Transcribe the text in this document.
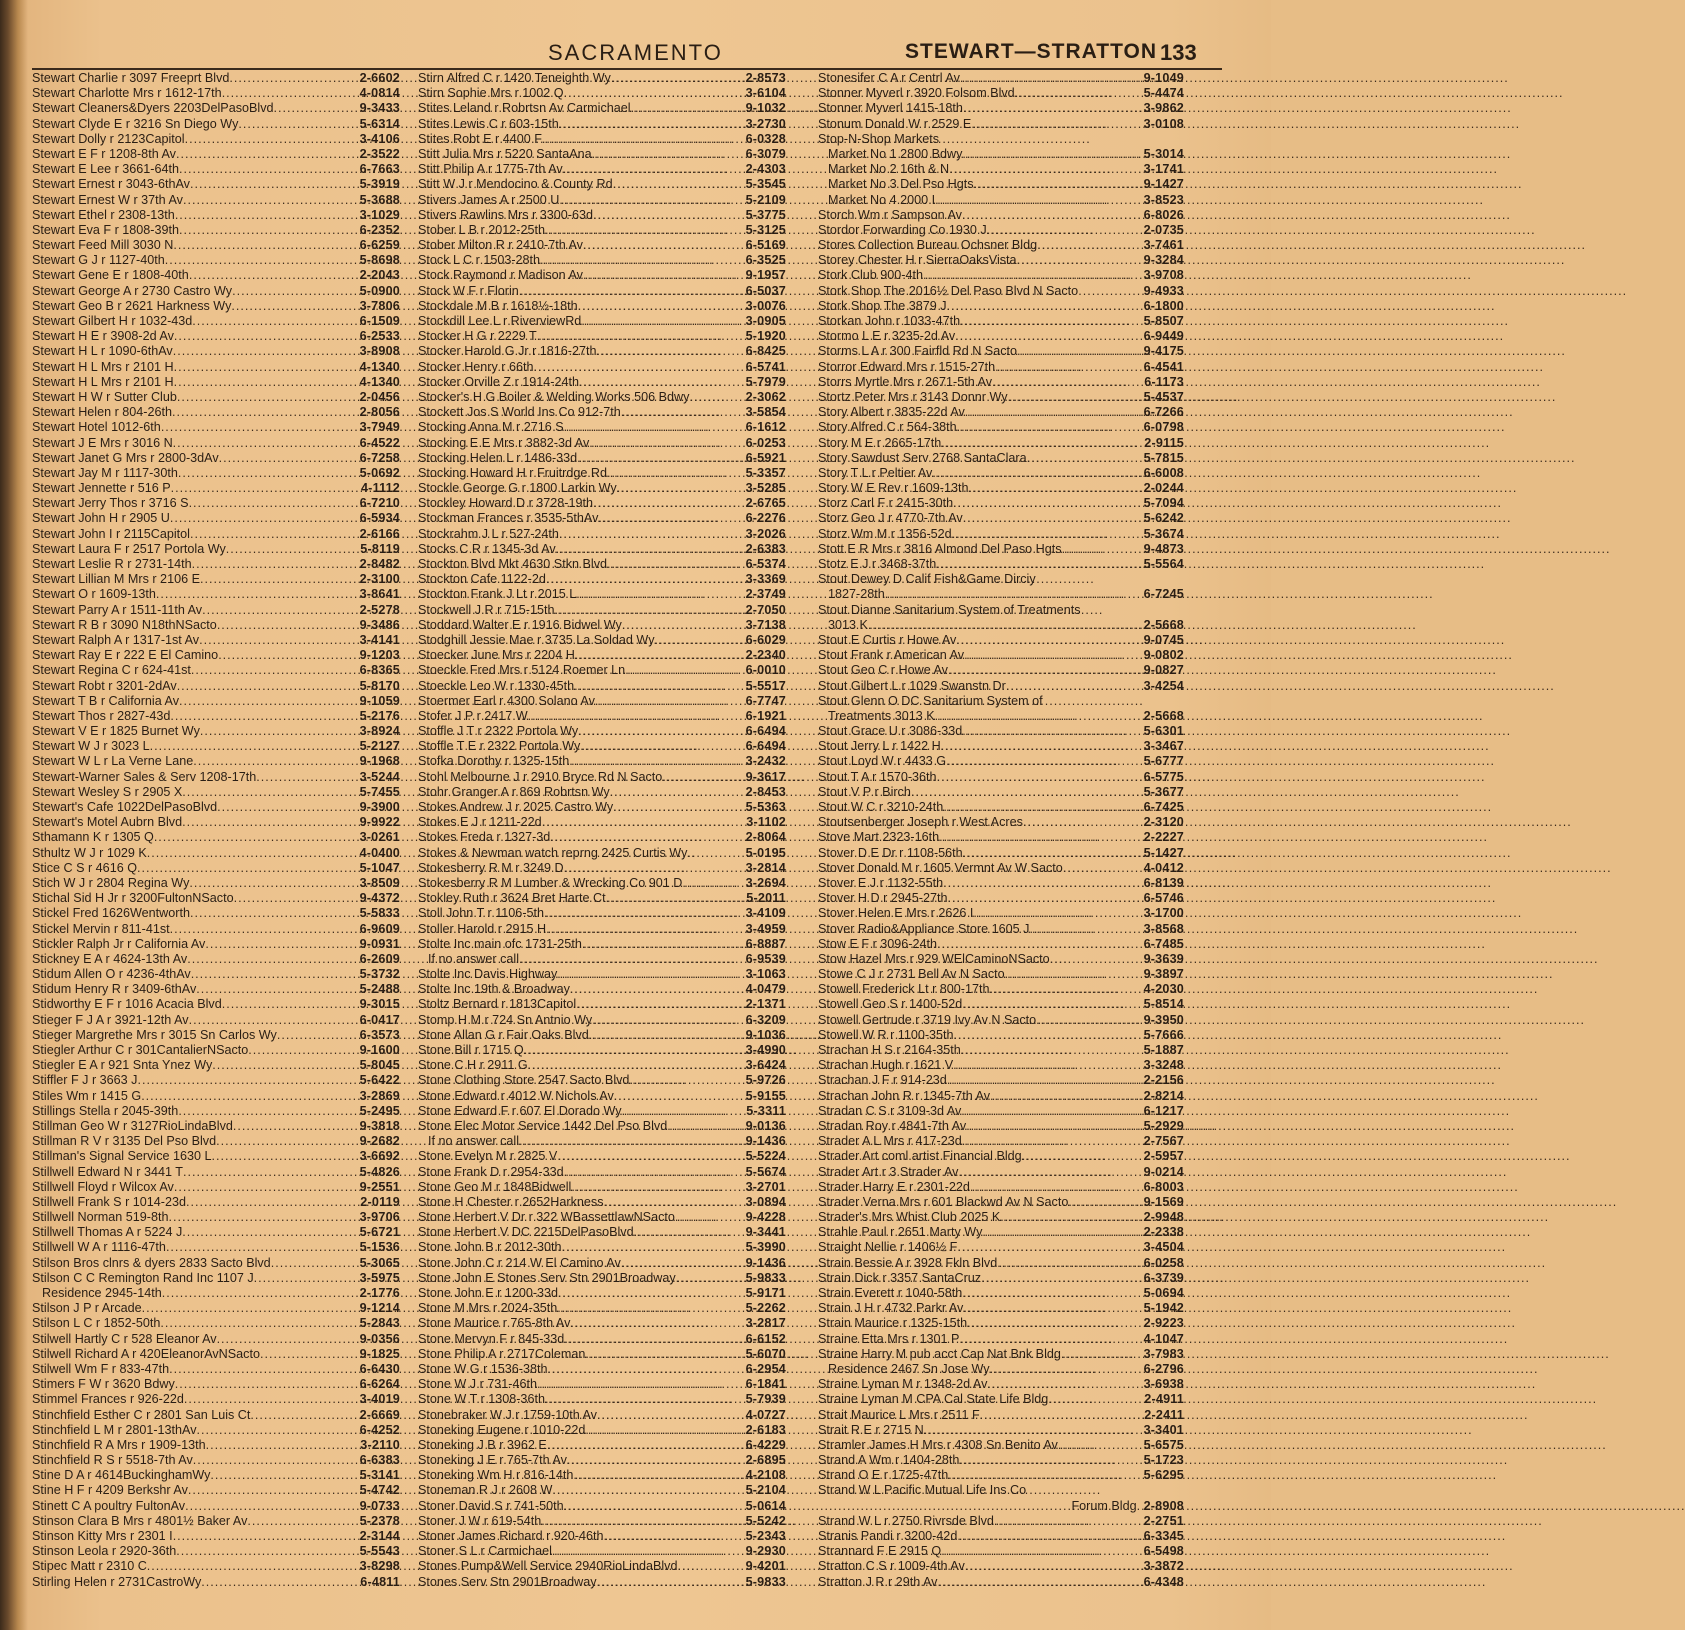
SACRAMENTO	STEWART—STRATTON 133
Stewart Charlie r 3097 Freeprt Blvd .....	2-6602
Stewart Charlotte Mrs r 1612-17th .....	4-0814
Stewart Cleaners&Dyers 2203DelPasoBlvd .....	9-3433
Stewart Clyde E r 3216 Sn Diego Wy .....	5-6314
Stewart Dolly r 2123Capitol .....	3-4106
Stewart E F r 1208-8th Av .....	2-3522
Stewart E Lee r 3661-64th .....	6-7663
Stewart Ernest r 3043-6thAv .....	5-3919
Stewart Ernest W r 37th Av .....	5-3688
Stewart Ethel r 2308-13th .....	3-1029
Stewart Eva F r 1808-39th .....	6-2352
Stewart Feed Mill 3030 N .....	6-6259
Stewart G J r 1127-40th .....	5-8698
Stewart Gene E r 1808-40th .....	2-2043
Stewart George A r 2730 Castro Wy .....	5-0900
Stewart Geo B r 2621 Harkness Wy .....	3-7806
Stewart Gilbert H r 1032-43d .....	6-1509
Stewart H E r 3908-2d Av .....	6-2533
Stewart H L r 1090-6thAv .....	3-8908
Stewart H L Mrs r 2101 H .....	4-1340
Stewart H L Mrs r 2101 H .....	4-1340
Stewart H W r Sutter Club .....	2-0456
Stewart Helen r 804-26th .....	2-8056
Stewart Hotel 1012-6th .....	3-7949
Stewart J E Mrs r 3016 N .....	6-4522
Stewart Janet G Mrs r 2800-3dAv .....	6-7258
Stewart Jay M r 1117-30th .....	5-0692
Stewart Jennette r 516 P .....	4-1112
Stewart Jerry Thos r 3716 S .....	6-7210
Stewart John H r 2905 U .....	6-5934
Stewart John I r 2115Capitol .....	2-6166
Stewart Laura F r 2517 Portola Wy .....	5-8119
Stewart Leslie R r 2731-14th .....	2-8482
Stewart Lillian M Mrs r 2106 E .....	2-3100
Stewart O r 1609-13th .....	3-8641
Stewart Parry A r 1511-11th Av .....	2-5278
Stewart R B r 3090 N18thNSacto .....	9-3486
Stewart Ralph A r 1317-1st Av .....	3-4141
Stewart Ray E r 222 E El Camino .....	9-1203
Stewart Regina C r 624-41st .....	6-8365
Stewart Robt r 3201-2dAv .....	5-8170
Stewart T B r California Av .....	9-1059
Stewart Thos r 2827-43d .....	5-2176
Stewart V E r 1825 Burnet Wy .....	3-8924
Stewart W J r 3023 L .....	5-2127
Stewart W L r La Verne Lane .....	9-1968
Stewart-Warner Sales & Serv 1208-17th .....	3-5244
Stewart Wesley S r 2905 X .....	5-7455
Stewart's Cafe 1022DelPasoBlvd .....	9-3900
Stewart's Motel Aubrn Blvd .....	9-9922
Sthamann K r 1305 Q .....	3-0261
Sthultz W J r 1029 K .....	4-0400
Stice C S r 4616 Q .....	5-1047
Stich W J r 2804 Regina Wy .....	3-8509
Stichal Sid H Jr r 3200FultonNSacto .....	9-4372
Stickel Fred 1626Wentworth .....	5-5833
Stickel Mervin r 811-41st .....	6-9609
Stickler Ralph Jr r California Av .....	9-0931
Stickney E A r 4624-13th Av .....	6-2609
Stidum Allen O r 4236-4thAv .....	5-3732
Stidum Henry R r 3409-6thAv .....	5-2488
Stidworthy E F r 1016 Acacia Blvd .....	9-3015
Stieger F J A r 3921-12th Av .....	6-0417
Stieger Margrethe Mrs r 3015 Sn Carlos Wy .....	6-3573
Stiegler Arthur C r 301CantalierNSacto .....	9-1600
Stiegler E A r 921 Snta Ynez Wy .....	5-8045
Stiffler F J r 3663 J .....	5-6422
Stiles Wm r 1415 G .....	3-2869
Stillings Stella r 2045-39th .....	5-2495
Stillman Geo W r 3127RioLindaBlvd .....	9-3818
Stillman R V r 3135 Del Pso Blvd .....	9-2682
Stillman's Signal Service 1630 L .....	3-6692
Stillwell Edward N r 3441 T .....	5-4826
Stillwell Floyd r Wilcox Av .....	9-2551
Stillwell Frank S r 1014-23d .....	2-0119
Stillwell Norman 519-8th .....	3-9706
Stillwell Thomas A r 5224 J .....	5-6721
Stillwell W A r 1116-47th .....	5-1536
Stilson Bros clnrs & dyers 2833 Sacto Blvd .....	5-3065
Stilson C C Remington Rand Inc 1107 J .....	3-5975
Residence 2945-14th .....	2-1776
Stilson J P r Arcade .....	9-1214
Stilson L C r 1852-50th .....	5-2843
Stilwell Hartly C r 528 Eleanor Av .....	9-0356
Stilwell Richard A r 420EleanorAvNSacto .....	9-1825
Stilwell Wm F r 833-47th .....	6-6430
Stimers F W r 3620 Bdwy .....	6-6264
Stimmel Frances r 926-22d .....	3-4019
Stinchfield Esther C r 2801 San Luis Ct .....	2-6669
Stinchfield L M r 2801-13thAv .....	6-4252
Stinchfield R A Mrs r 1909-13th .....	3-2110
Stinchfield R S r 5518-7th Av .....	6-6383
Stine D A r 4614BuckinghamWy .....	5-3141
Stine H F r 4209 Berkshr Av .....	5-4742
Stinett C A poultry FultonAv .....	9-0733
Stinson Clara B Mrs r 4801½ Baker Av .....	5-2378
Stinson Kitty Mrs r 2301 I .....	2-3144
Stinson Leola r 2920-36th .....	5-5543
Stipec Matt r 2310 C .....	3-8298
Stirling Helen r 2731CastroWy .....	6-4811
Stirn Alfred C r 1420 Teneighth Wy .....	2-8573
Stirn Sophie Mrs r 1002 Q .....	3-6104
Stites Leland r Robrtsn Av Carmichael .....	9-1032
Stites Lewis C r 603-15th .....	3-2730
Stites Robt E r 4400 F .....	6-0328
Stitt Julia Mrs r 5220 SantaAna .....	6-3079
Stitt Philip A r 1775-7th Av .....	2-4303
Stitt W J r Mendocino & County Rd .....	5-3545
Stivers James A r 2500 U .....	5-2109
Stivers Rawlins Mrs r 3300-63d .....	5-3775
Stober L B r 2012-25th .....	5-3125
Stober Milton R r 2410-7th Av .....	6-5169
Stock L C r 1503-28th .....	6-3525
Stock Raymond r Madison Av .....	9-1957
Stock W F r Florin .....	6-5037
Stockdale M B r 1618½-18th .....	3-0076
Stockdill Lee L r RiverviewRd .....	3-0905
Stocker H G r 2229 T .....	5-1920
Stocker Harold G Jr r 1816-27th .....	6-8425
Stocker Henry r 66th .....	6-5741
Stocker Orville Z r 1914-24th .....	5-7979
Stocker's H G Boiler & Welding Works 506 Bdwy .....	2-3062
Stockett Jos S World Ins Co 912-7th .....	3-5854
Stocking Anna M r 2716 S .....	6-1612
Stocking E E Mrs r 3882-3d Av .....	6-0253
Stocking Helen L r 1486-33d .....	6-5921
Stocking Howard H r Fruitrdge Rd .....	5-3357
Stockle George G r 1800 Larkin Wy .....	3-5285
Stockley Howard D r 3728-19th .....	2-6765
Stockman Frances r 3535-5thAv .....	6-2276
Stockrahm J L r 527-24th .....	3-2026
Stocks C R r 1345-3d Av .....	2-6383
Stockton Blvd Mkt 4630 Stkn Blvd .....	6-5374
Stockton Cafe 1122-2d .....	3-3369
Stockton Frank J Lt r 2015 L .....	2-3749
Stockwell J R r 715-15th .....	2-7050
Stoddard Walter E r 1916 Bidwel Wy .....	3-7138
Stodghill Jessie Mae r 3735 La Soldad Wy .....	6-6029
Stoecker June Mrs r 2204 H .....	2-2340
Stoeckle Fred Mrs r 5124 Roemer Ln .....	6-0010
Stoeckle Leo W r 1330-45th .....	5-5517
Stoermer Earl r 4300 Solano Av .....	6-7747
Stofer J P r 2417 W .....	6-1921
Stoffle J T r 2322 Portola Wy .....	6-6494
Stoffle T E r 2322 Portola Wy .....	6-6494
Stofka Dorothy r 1325-15th .....	3-2432
Stohl Melbourne J r 2910 Bryce Rd N Sacto .....	9-3617
Stohr Granger A r 869 Robrtsn Wy .....	2-8453
Stokes Andrew J r 2025 Castro Wy .....	5-5363
Stokes E J r 1211-22d .....	3-1102
Stokes Freda r 1327-3d .....	2-8064
Stokes & Newman watch reprng 2425 Curtis Wy .....	5-0195
Stokesberry R M r 3249 D .....	3-2814
Stokesberry R M Lumber & Wrecking Co 901 D .....	3-2694
Stokley Ruth r 3624 Bret Harte Ct .....	5-2011
Stoll John T r 1106-5th .....	3-4109
Stoller Harold r 2915 H .....	3-4959
Stolte Inc main ofc 1731-25th .....	6-8887
If no answer call .....	6-9539
Stolte Inc Davis Highway .....	3-1063
Stolte Inc 19th & Broadway .....	4-0479
Stoltz Bernard r 1813Capitol .....	2-1371
Stomp H M r 724 Sn Antnio Wy .....	6-3209
Stone Allan G r Fair Oaks Blvd .....	9-1036
Stone Bill r 1715 Q .....	3-4990
Stone C H r 2911 G .....	3-6424
Stone Clothing Store 2547 Sacto Blvd .....	5-9726
Stone Edward r 4012 W Nichols Av .....	5-9155
Stone Edward F r 607 El Dorado Wy .....	5-3311
Stone Elec Motor Service 1442 Del Pso Blvd .....	9-0136
If no answer call .....	9-1436
Stone Evelyn M r 2825 V .....	5-5224
Stone Frank D r 2954-33d .....	5-5674
Stone Geo M r 1848Bidwell .....	3-2701
Stone H Chester r 2652Harkness .....	3-0894
Stone Herbert V Dr r 322 WBassettlawNSacto .....	9-4228
Stone Herbert V DC 2215DelPasoBlvd .....	9-3441
Stone John B r 2012-30th .....	5-3990
Stone John C r 214 W El Camino Av .....	9-1436
Stone John E Stones Serv Stn 2901Broadway .....	5-9833
Stone John E r 1200-33d .....	5-9171
Stone M Mrs r 2024-35th .....	5-2262
Stone Maurice r 765-8th Av .....	3-2817
Stone Mervyn F r 845-33d .....	6-6152
Stone Philip A r 2717Coleman .....	5-6070
Stone W G r 1536-38th .....	6-2954
Stone W J r 731-46th .....	6-1841
Stone W T r 1308-36th .....	5-7939
Stonebraker W J r 1759-10th Av .....	4-0727
Stoneking Eugene r 1010-22d .....	2-6183
Stoneking J B r 3962 E .....	6-4229
Stoneking J E r 765-7th Av .....	2-6895
Stoneking Wm H r 816-14th .....	4-2108
Stoneman R J r 2608 W .....	5-2104
Stoner David S r 741-50th .....	5-0614
Stoner J W r 619-54th .....	5-5242
Stoner James Richard r 920-46th .....	5-2343
Stoner S L r Carmichael .....	9-2930
Stones Pump&Well Service 2940RioLindaBlvd .....	9-4201
Stones Serv Stn 2901Broadway .....	5-9833
Stonesifer C A r Centrl Av .....	9-1049
Stonner Myverl r 3920 Folsom Blvd .....	5-4474
Stonner Myverl 1415-18th .....	3-9862
Stonum Donald W r 2529 E .....	3-0108
Stop-N-Shop Markets
Market No 1 2800 Bdwy .....	5-3014
Market No 2 16th & N .....	3-1741
Market No 3 Del Pso Hgts .....	9-1427
Market No 4 2000 I .....	3-8523
Storch Wm r Sampson Av .....	6-8026
Stordor Forwarding Co 1930 J .....	2-0735
Stores Collection Bureau Ochsner Bldg .....	3-7461
Storey Chester H r SierraOaksVista .....	9-3284
Stork Club 900-4th .....	3-9708
Stork Shop The 2016½ Del Paso Blvd N Sacto .....	9-4933
Stork Shop The 3879 J .....	6-1800
Storkan John r 1033-47th .....	5-8507
Stormo L E r 3235-2d Av .....	6-9449
Storms L A r 300 Fairfld Rd N Sacto .....	9-4175
Storror Edward Mrs r 1515-27th .....	6-4541
Storrs Myrtle Mrs r 2671-5th Av .....	6-1173
Stortz Peter Mrs r 3143 Donnr Wy .....	5-4537
Story Albert r 3835-22d Av .....	6-7266
Story Alfred C r 564-38th .....	6-0798
Story M E r 2665-17th .....	2-9115
Story Sawdust Serv 2768 SantaClara .....	5-7815
Story T L r Peltier Av .....	6-6008
Story W E Rev r 1609-13th .....	2-0244
Storz Carl F r 2415-30th .....	5-7094
Storz Geo J r 4770-7th Av .....	5-6242
Storz Wm M r 1356-52d .....	5-3674
Stott E R Mrs r 3816 Almond Del Paso Hgts .....	9-4873
Stotz E J r 3468-37th .....	5-5564
Stout Dewey D Calif Fish&Game Dirciy
1827-28th .....	6-7245
Stout Dianne Sanitarium System of Treatments
3013 K .....	2-5668
Stout E Curtis r Howe Av .....	9-0745
Stout Frank r American Av .....	9-0802
Stout Geo C r Howe Av .....	9-0827
Stout Gilbert L r 1029 Swanstn Dr .....	3-4254
Stout Glenn O DC Sanitarium System of
Treatments 3013 K .....	2-5668
Stout Grace U r 3086-33d .....	5-6301
Stout Jerry L r 1422 H .....	3-3467
Stout Loyd W r 4433 G .....	5-6777
Stout T A r 1570-36th .....	6-5775
Stout V P r Birch .....	5-3677
Stout W C r 3210-24th .....	6-7425
Stoutsenberger Joseph r West Acres .....	2-3120
Stove Mart 2323-16th .....	2-2227
Stover D E Dr r 1108-56th .....	5-1427
Stover Donald M r 1605 Vermnt Av W Sacto .....	4-0412
Stover E J r 1132-55th .....	6-8139
Stover H D r 2945-27th .....	6-5746
Stover Helen E Mrs r 2626 I .....	3-1700
Stover Radio&Appliance Store 1605 J .....	3-8568
Stow E F r 3096-24th .....	6-7485
Stow Hazel Mrs r 929 WElCaminoNSacto .....	9-3639
Stowe C J r 2731 Bell Av N Sacto .....	9-3897
Stowell Frederick Lt r 800-17th .....	4-2030
Stowell Geo S r 1400-52d .....	5-8514
Stowell Gertrude r 3719 Ivy Av N Sacto .....	9-3950
Stowell W R r 1100-35th .....	5-7666
Strachan H S r 2164-35th .....	5-1887
Strachan Hugh r 1621 V .....	3-3248
Strachan J F r 914-23d .....	2-2156
Strachan John R r 1345-7th Av .....	2-8214
Stradan C S r 3109-3d Av .....	6-1217
Stradan Roy r 4841-7th Av .....	5-2929
Strader A L Mrs r 417-23d .....	2-7567
Strader Art coml artist Financial Bldg .....	2-5957
Strader Art r 3 Strader Av .....	9-0214
Strader Harry E r 2301-22d .....	6-8003
Strader Verna Mrs r 601 Blackwd Av N Sacto .....	9-1569
Strader's Mrs Whist Club 2025 K .....	2-9948
Strahle Paul r 2651 Marty Wy .....	2-2338
Straight Nellie r 1406½ F .....	3-4504
Strain Bessie A r 3928 Fkln Blvd .....	6-0258
Strain Dick r 3357 SantaCruz .....	6-3739
Strain Everett r 1040-58th .....	5-0694
Strain J H r 4732 Parkr Av .....	5-1942
Strain Maurice r 1325-15th .....	2-9223
Straine Etta Mrs r 1301 P .....	4-1047
Straine Harry M pub acct Cap Nat Bnk Bldg .....	3-7983
Residence 2467 Sn Jose Wy .....	6-2796
Straine Lyman M r 1348-2d Av .....	3-6938
Straine Lyman M CPA Cal State Life Bldg .....	2-4911
Strait Maurice L Mrs r 2511 F .....	2-2411
Strait R E r 2715 N .....	3-3401
Stramler James H Mrs r 4308 Sn Benito Av .....	5-6575
Strand A Wm r 1404-28th .....	5-1723
Strand O E r 1725-47th .....	5-6295
Strand W L Pacific Mutual Life Ins Co
Forum Bldg ..... 2-8908
Strand W L r 2750 Rivrsde Blvd .....	2-2751
Stranis Pandi r 3200-42d .....	6-3345
Strannard F E 2915 Q .....	6-5498
Stratton C S r 1009-4th Av .....	3-3872
Stratton J R r 29th Av .....	6-4348
